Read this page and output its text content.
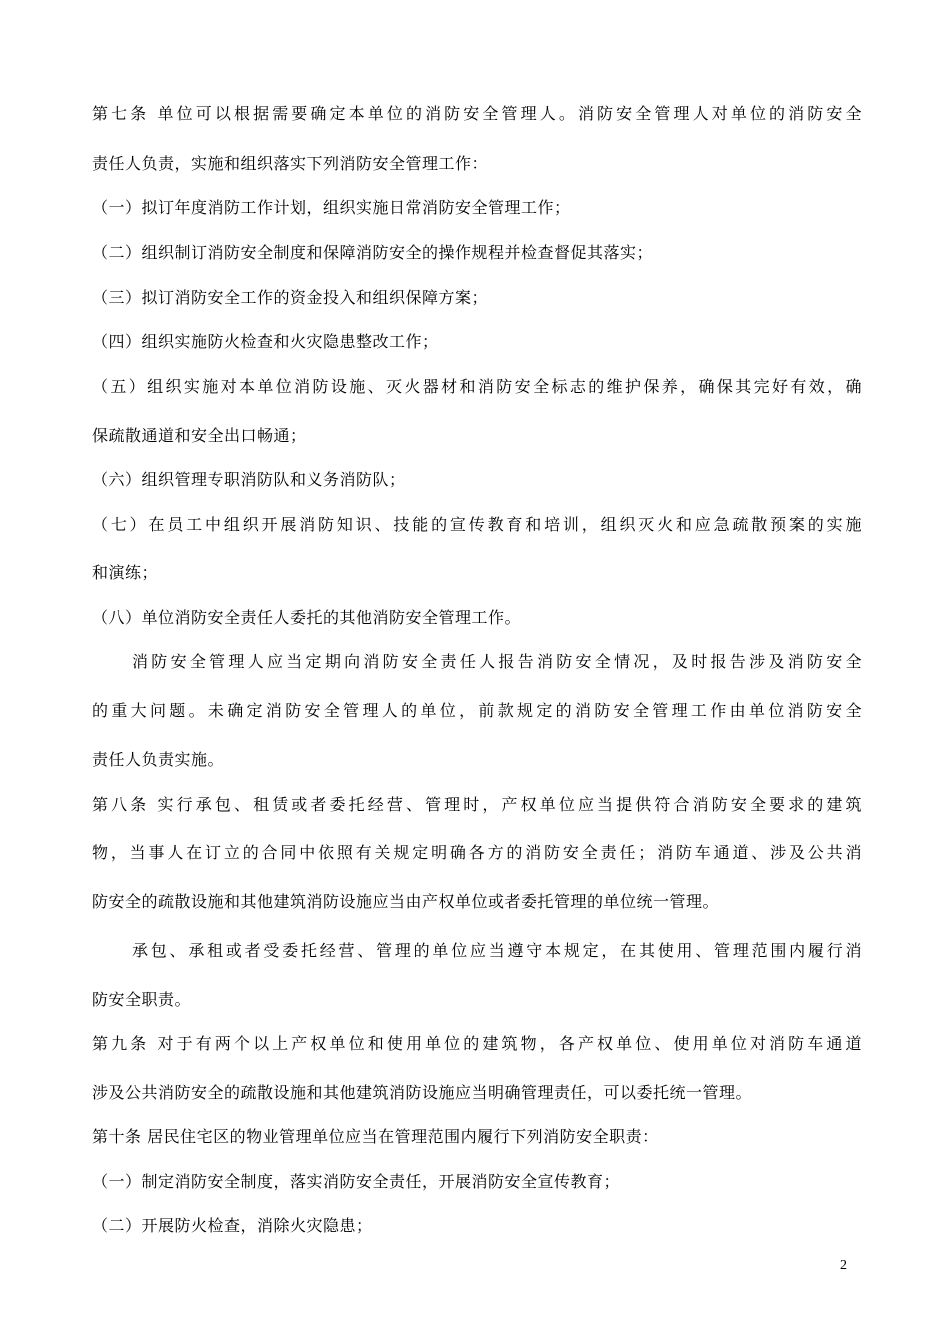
第七条 单位可以根据需要确定本单位的消防安全管理人。消防安全管理人对单位的消防安全
责任人负责，实施和组织落实下列消防安全管理工作：
（一）拟订年度消防工作计划，组织实施日常消防安全管理工作；
（二）组织制订消防安全制度和保障消防安全的操作规程并检查督促其落实；
（三）拟订消防安全工作的资金投入和组织保障方案；
（四）组织实施防火检查和火灾隐患整改工作；
（五）组织实施对本单位消防设施、灭火器材和消防安全标志的维护保养，确保其完好有效，确
保疏散通道和安全出口畅通；
（六）组织管理专职消防队和义务消防队；
（七）在员工中组织开展消防知识、技能的宣传教育和培训，组织灭火和应急疏散预案的实施
和演练；
（八）单位消防安全责任人委托的其他消防安全管理工作。
消防安全管理人应当定期向消防安全责任人报告消防安全情况，及时报告涉及消防安全
的重大问题。未确定消防安全管理人的单位，前款规定的消防安全管理工作由单位消防安全
责任人负责实施。
第八条 实行承包、租赁或者委托经营、管理时，产权单位应当提供符合消防安全要求的建筑
物，当事人在订立的合同中依照有关规定明确各方的消防安全责任；消防车通道、涉及公共消
防安全的疏散设施和其他建筑消防设施应当由产权单位或者委托管理的单位统一管理。
承包、承租或者受委托经营、管理的单位应当遵守本规定，在其使用、管理范围内履行消
防安全职责。
第九条 对于有两个以上产权单位和使用单位的建筑物，各产权单位、使用单位对消防车通道
涉及公共消防安全的疏散设施和其他建筑消防设施应当明确管理责任，可以委托统一管理。
第十条 居民住宅区的物业管理单位应当在管理范围内履行下列消防安全职责：
（一）制定消防安全制度，落实消防安全责任，开展消防安全宣传教育；
（二）开展防火检查，消除火灾隐患；
2
